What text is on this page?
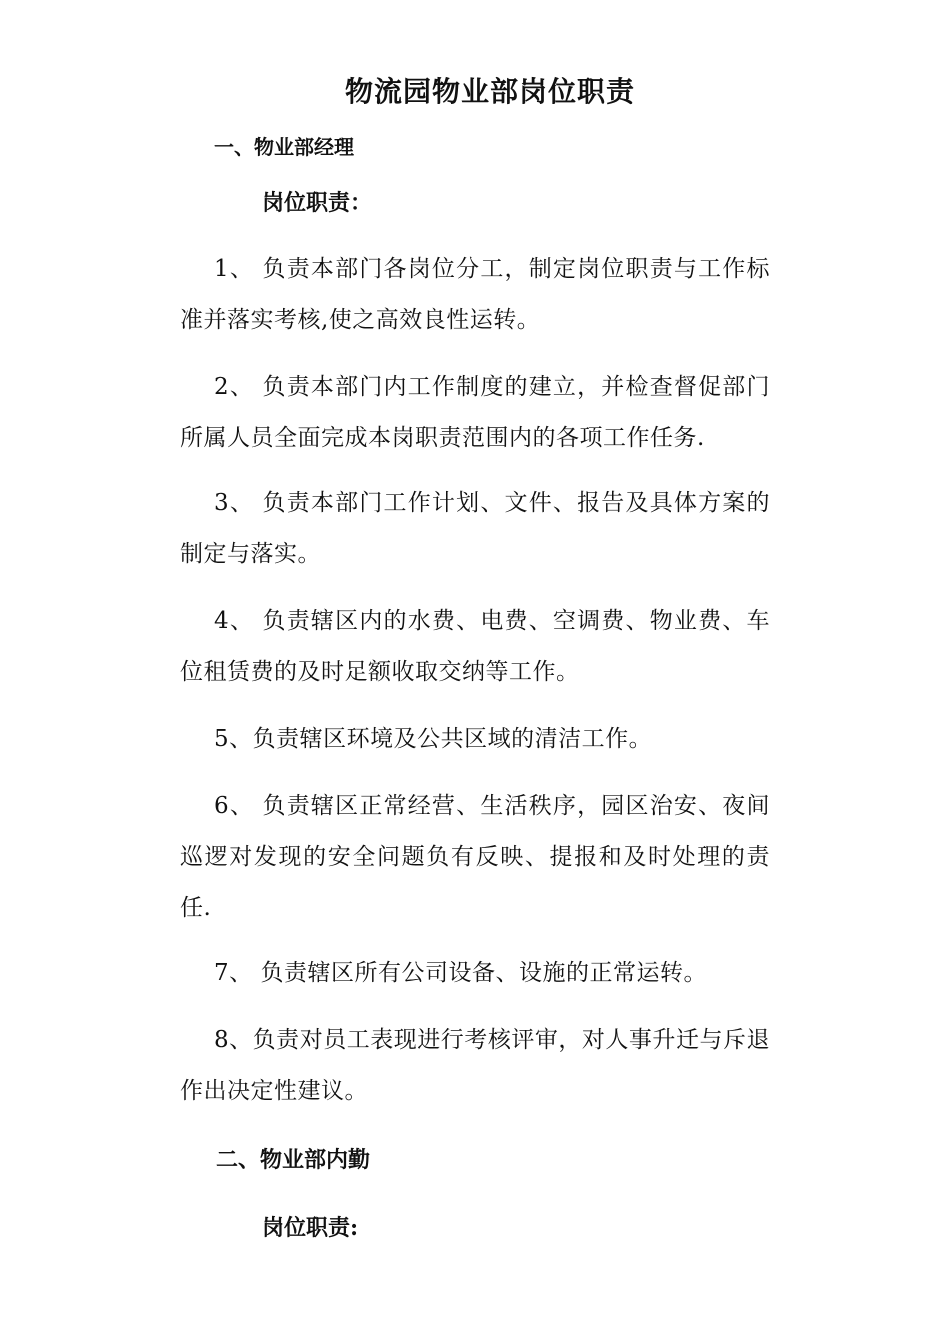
物流园物业部岗位职责

一、物业部经理

岗位职责：

1、 负责本部门各岗位分工，制定岗位职责与工作标准并落实考核,使之高效良性运转。

2、 负责本部门内工作制度的建立，并检查督促部门所属人员全面完成本岗职责范围内的各项工作任务.

3、 负责本部门工作计划、文件、报告及具体方案的制定与落实。

4、 负责辖区内的水费、电费、空调费、物业费、车位租赁费的及时足额收取交纳等工作。

5、负责辖区环境及公共区域的清洁工作。

6、 负责辖区正常经营、生活秩序，园区治安、夜间巡逻对发现的安全问题负有反映、提报和及时处理的责任.

7、 负责辖区所有公司设备、设施的正常运转。

8、负责对员工表现进行考核评审，对人事升迁与斥退作出决定性建议。

二、物业部内勤

岗位职责:
